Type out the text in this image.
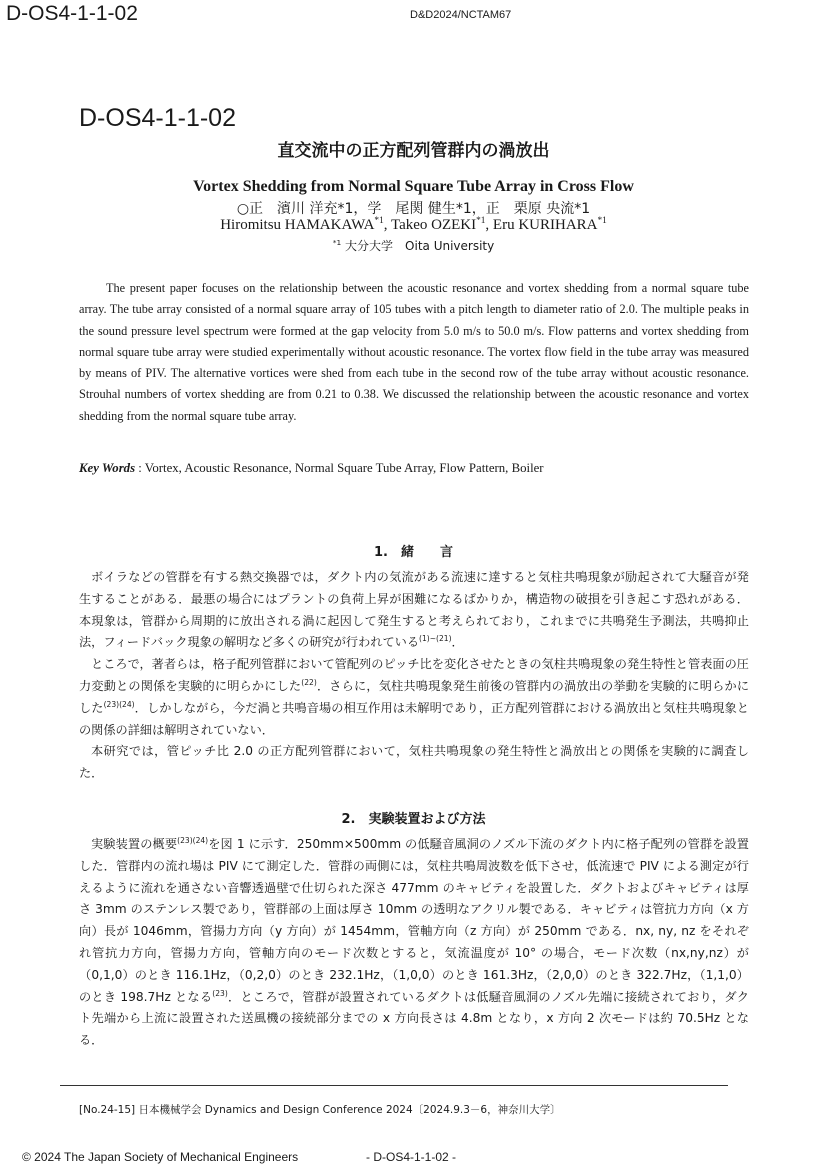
D-OS4-1-1-02	D&D2024/NCTAM67
D-OS4-1-1-02
直交流中の正方配列管群内の渦放出
Vortex Shedding from Normal Square Tube Array in Cross Flow
○正　濱川 洋充*1，学　尾関 健生*1，正　栗原 央流*1
Hiromitsu HAMAKAWA$^{*1}$, Takeo OZEKI$^{*1}$, Eru KURIHARA$^{*1}$
$^{*1}$ 大分大学　Oita University

The present paper focuses on the relationship between the acoustic resonance and vortex shedding from a normal square tube array. The tube array consisted of a normal square array of 105 tubes with a pitch length to diameter ratio of 2.0. The multiple peaks in the sound pressure level spectrum were formed at the gap velocity from 5.0 m/s to 50.0 m/s. Flow patterns and vortex shedding from normal square tube array were studied experimentally without acoustic resonance. The vortex flow field in the tube array was measured by means of PIV. The alternative vortices were shed from each tube in the second row of the tube array without acoustic resonance. Strouhal numbers of vortex shedding are from 0.21 to 0.38. We discussed the relationship between the acoustic resonance and vortex shedding from the normal square tube array.

Key Words : Vortex, Acoustic Resonance, Normal Square Tube Array, Flow Pattern, Boiler

1.　緒　　言

ボイラなどの管群を有する熱交換器では，ダクト内の気流がある流速に達すると気柱共鳴現象が励起されて大騒音が発生することがある．最悪の場合にはプラントの負荷上昇が困難になるばかりか，構造物の破損を引き起こす恐れがある．本現象は，管群から周期的に放出される渦に起因して発生すると考えられており，これまでに共鳴発生予測法，共鳴抑止法，フィードバック現象の解明など多くの研究が行われている$^{(1)\sim(21)}$．

ところで，著者らは，格子配列管群において管配列のピッチ比を変化させたときの気柱共鳴現象の発生特性と管表面の圧力変動との関係を実験的に明らかにした$^{(22)}$．さらに，気柱共鳴現象発生前後の管群内の渦放出の挙動を実験的に明らかにした$^{(23)(24)}$．しかしながら，今だ渦と共鳴音場の相互作用は未解明であり，正方配列管群における渦放出と気柱共鳴現象との関係の詳細は解明されていない．

本研究では，管ピッチ比 2.0 の正方配列管群において，気柱共鳴現象の発生特性と渦放出との関係を実験的に調査した．

2.　実験装置および方法

実験装置の概要$^{(23)(24)}$を図 1 に示す．250mm×500mm の低騒音風洞のノズル下流のダクト内に格子配列の管群を設置した．管群内の流れ場は PIV にて測定した．管群の両側には，気柱共鳴周波数を低下させ，低流速で PIV による測定が行えるように流れを通さない音響透過壁で仕切られた深さ 477mm のキャビティを設置した．ダクトおよびキャビティは厚さ 3mm のステンレス製であり，管群部の上面は厚さ 10mm の透明なアクリル製である．キャビティは管抗力方向（x 方向）長が 1046mm，管揚力方向（y 方向）が 1454mm，管軸方向（z 方向）が 250mm である．nx, ny, nz をそれぞれ管抗力方向，管揚力方向，管軸方向のモード次数とすると，気流温度が 10° の場合，モード次数（nx,ny,nz）が（0,1,0）のとき 116.1Hz，（0,2,0）のとき 232.1Hz，（1,0,0）のとき 161.3Hz，（2,0,0）のとき 322.7Hz，（1,1,0）のとき 198.7Hz となる$^{(23)}$．ところで，管群が設置されているダクトは低騒音風洞のノズル先端に接続されており，ダクト先端から上流に設置された送風機の接続部分までの x 方向長さは 4.8m となり，x 方向 2 次モードは約 70.5Hz となる．

[No.24-15] 日本機械学会 Dynamics and Design Conference 2024〔2024.9.3－6，神奈川大学〕
© 2024 The Japan Society of Mechanical Engineers	- D-OS4-1-1-02 -
